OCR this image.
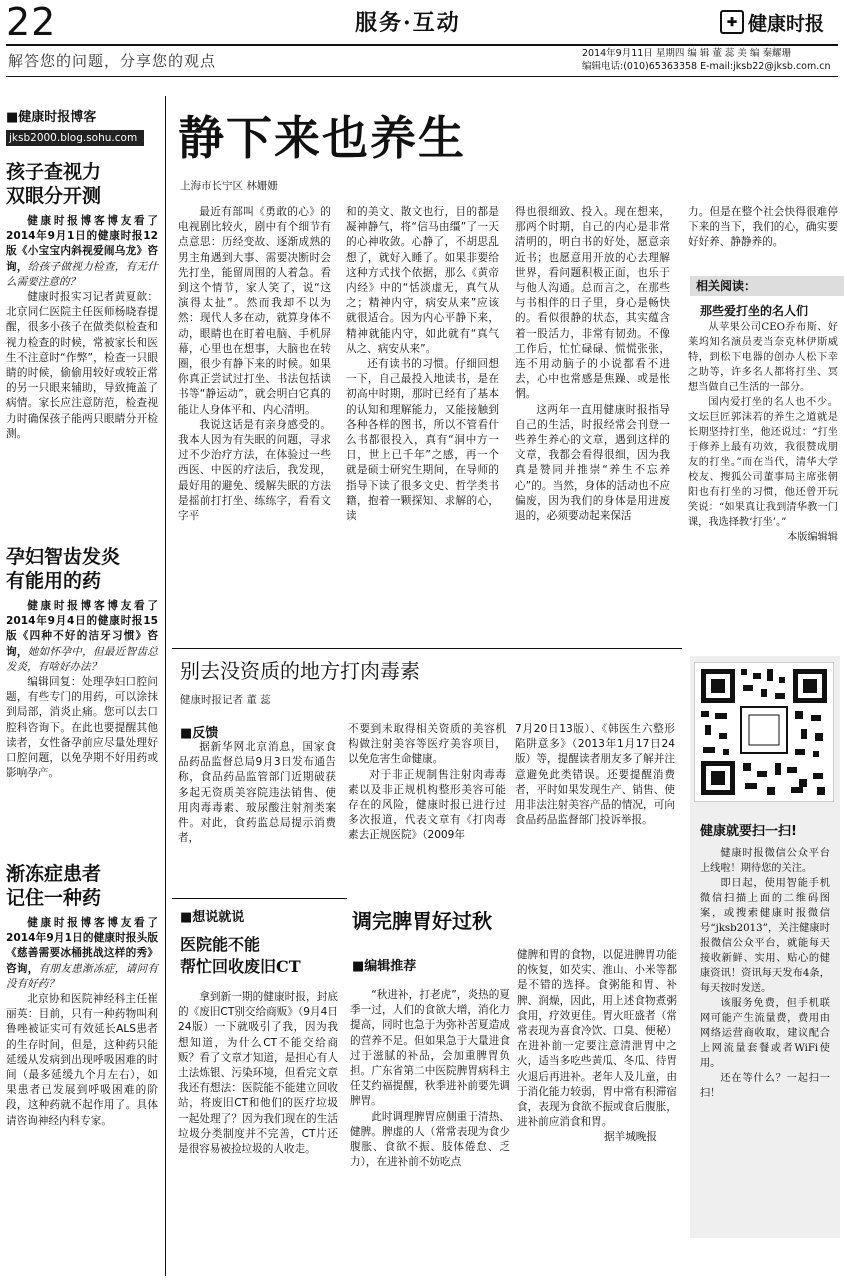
22	服务·互动	✚ 健康时报
解答您的问题，分享您的观点	2014年9月11日 星期四 编 辑 董 蕊 美 编 秦耀珊
编辑电话:(010)65363358 E-mail:jksb22@jksb.com.cn
■健康时报博客
jksb2000.blog.sohu.com
孩子查视力
双眼分开测

健康时报博客博友看了2014年9月1日的健康时报12版《小宝宝内斜视爱闹乌龙》咨询，给孩子做视力检查，有无什么需要注意的？

健康时报实习记者黄夏歆：北京同仁医院主任医师杨晓春提醒，很多小孩子在做类似检查和视力检查的时候，常被家长和医生不注意时“作弊”，检查一只眼睛的时候，偷偷用较好或较正常的另一只眼来辅助，导致掩盖了病情。家长应注意防范，检查视力时确保孩子能两只眼睛分开检测。

孕妇智齿发炎
有能用的药

健康时报博客博友看了2014年9月4日的健康时报15版《四种不好的洁牙习惯》咨询，她如怀孕中，但最近智齿总发炎，有啥好办法？

编辑回复：处理孕妇口腔问题，有些专门的用药，可以涂抹到局部，消炎止痛。您可以去口腔科咨询下。在此也要提醒其他读者，女性备孕前应尽量处理好口腔问题，以免孕期不好用药或影响孕产。

渐冻症患者
记住一种药

健康时报博客博友看了2014年9月1日的健康时报头版《慈善需要冰桶挑战这样的秀》咨询，有朋友患渐冻症，请问有没有好药？

北京协和医院神经科主任崔丽英：目前，只有一种药物叫利鲁唑被证实可有效延长ALS患者的生存时间，但是，这种药只能延缓从发病到出现呼吸困难的时间（最多延缓九个月左右），如果患者已发展到呼吸困难的阶段，这种药就不起作用了。具体请咨询神经内科专家。

静下来也养生
上海市长宁区 林姗姗

最近有部叫《勇敢的心》的电视剧比较火，剧中有个细节有点意思：历经变故、逐渐成熟的男主角遇到大事、需要决断时会先打坐，能留周围的人着急。看到这个情节，家人笑了，说“这演得太扯”。然而我却不以为然：现代人多在动，就算身体不动，眼睛也在盯着电脑、手机屏幕，心里也在想事，大脑也在转圈，很少有静下来的时候。如果你真正尝试过打坐、书法包括读书等“静运动”，就会明白它真的能让人身体平和、内心清明。

我说这话是有亲身感受的。我本人因为有失眠的问题，寻求过不少治疗方法，在体验过一些西医、中医的疗法后，我发现，最好用的避免、缓解失眠的方法是摇前打打坐、练练字，看看文字平

和的美文、散文也行，目的都是凝神静气，将“信马由缰”了一天的心神收敛。心静了，不胡思乱想了，就好入睡了。如果非要给这种方式找个依据，那么《黄帝内经》中的“恬淡虚无，真气从之；精神内守，病安从来”应该就很适合。因为内心平静下来，精神就能内守，如此就有“真气从之、病安从来”。

还有读书的习惯。仔细回想一下，自己最投入地读书，是在初高中时期，那时已经有了基本的认知和理解能力，又能接触到各种各样的图书，所以不管看什么书都很投入，真有“洞中方一日，世上已千年”之感，再一个就是硕士研究生期间，在导师的指导下读了很多文史、哲学类书籍，抱着一颗探知、求解的心，读

得也很细致、投入。现在想来，那两个时期，自己的内心是非常清明的，明白书的好处，愿意亲近书；也愿意用开放的心去理解世界，看问题积极正面，也乐于与他人沟通。总而言之，在那些与书相伴的日子里，身心是畅快的。看似很静的状态，其实蕴含着一股活力，非常有韧劲。不像工作后，忙忙碌碌、慌慌张张，连不用动脑子的小说都看不进去，心中也常感是焦躁、或是怅惘。

这两年一直用健康时报指导自己的生活，时报经常会刊登一些养生养心的文章，遇到这样的文章，我都会看得很细，因为我真是赞同并推崇“养生不忘养心”的。当然，身体的活动也不应偏废，因为我们的身体是用进废退的，必须要动起来保活

力。但是在整个社会快得很难停下来的当下，我们的心，确实要好好养、静静养的。

相关阅读：
那些爱打坐的名人们

从苹果公司CEO乔布斯、好莱坞知名演员麦当奈克林伊斯威特，到松下电器的创办人松下幸之助等，许多名人都将打坐、冥想当做自己生活的一部分。

国内爱打坐的名人也不少。文坛巨匠郭沫若的养生之道就是长期坚持打坐，他还说过：“打坐于修养上最有功效，我很赞成朋友的打坐。”而在当代，清华大学校友、搜狐公司董事局主席张朝阳也有打坐的习惯，他还曾开玩笑说：“如果真让我到清华教一门课，我选择教‘打坐’。”

本版编辑辑

别去没资质的地方打肉毒素
健康时报记者 董 蕊
■反馈

据新华网北京消息，国家食品药品监督总局9月3日发布通告称，食品药品监管部门近期破获多起无资质美容院违法销售、使用肉毒毒素、玻尿酸注射剂类案件。对此，食药监总局提示消费者，

不要到未取得相关资质的美容机构做注射美容等医疗美容项目，以免危害生命健康。

对于非正规制售注射肉毒毒素以及非正规机构整形美容可能存在的风险，健康时报已进行过多次报道，代表文章有《打肉毒素去正规医院》（2009年

7月20日13版）、《韩医生六整形陷阱意多》（2013年1月17日24版）等，提醒读者朋友多了解并注意避免此类错误。还要提醒消费者，平时如果发现生产、销售、使用非法注射美容产品的情况，可向食品药品监督部门投诉举报。

■想说就说
医院能不能
帮忙回收废旧CT

拿到新一期的健康时报，封底的《废旧CT别交给商贩》（9月4日24版）一下就吸引了我，因为我想知道，为什么CT不能交给商贩？看了文章才知道，是担心有人土法炼银、污染环境，但看完文章我还有想法：医院能不能建立回收站，将废旧CT和他们的医疗垃圾一起处理了？因为我们现在的生活垃圾分类制度并不完善，CT片还是很容易被捡垃圾的人收走。

调完脾胃好过秋
■编辑推荐

“秋进补，打老虎”，炎热的夏季一过，人们的食欲大增，消化力提高，同时也急于为弥补苦夏造成的营养不足。但如果急于大量进食过于滋腻的补品，会加重脾胃负担。广东省第二中医院脾胃病科主任艾约福提醒，秋季进补前要先调脾胃。

此时调理脾胃应侧重于清热、健脾。脾虚的人（常常表现为食少腹胀、食欲不振、肢体倦怠、乏力），在进补前不妨吃点

健脾和胃的食物，以促进脾胃功能的恢复，如芡实、淮山、小米等都是不错的选择。食粥能和胃、补脾、润燥，因此，用上述食物煮粥食用，疗效更佳。胃火旺盛者（常常表现为喜食冷饮、口臭、便秘）在进补前一定要注意清泄胃中之火，适当多吃些黄瓜、冬瓜、待胃火退后再进补。老年人及儿童，由于消化能力较弱，胃中常有积滞宿食，表现为食欲不振或食后腹胀，进补前应消食和胃。

据羊城晚报

健康就要扫一扫!

健康时报微信公众平台上线啦！期待您的关注。

即日起，使用智能手机微信扫描上面的二维码图案，或搜索健康时报微信号“jksb2013”，关注健康时报微信公众平台，就能每天接收新鲜、实用、贴心的健康资讯！资讯每天发布4条，每天按时发送。

该服务免费，但手机联网可能产生流量费，费用由网络运营商收取，建议配合上网流量套餐或者WiFi使用。

还在等什么？一起扫一扫！
